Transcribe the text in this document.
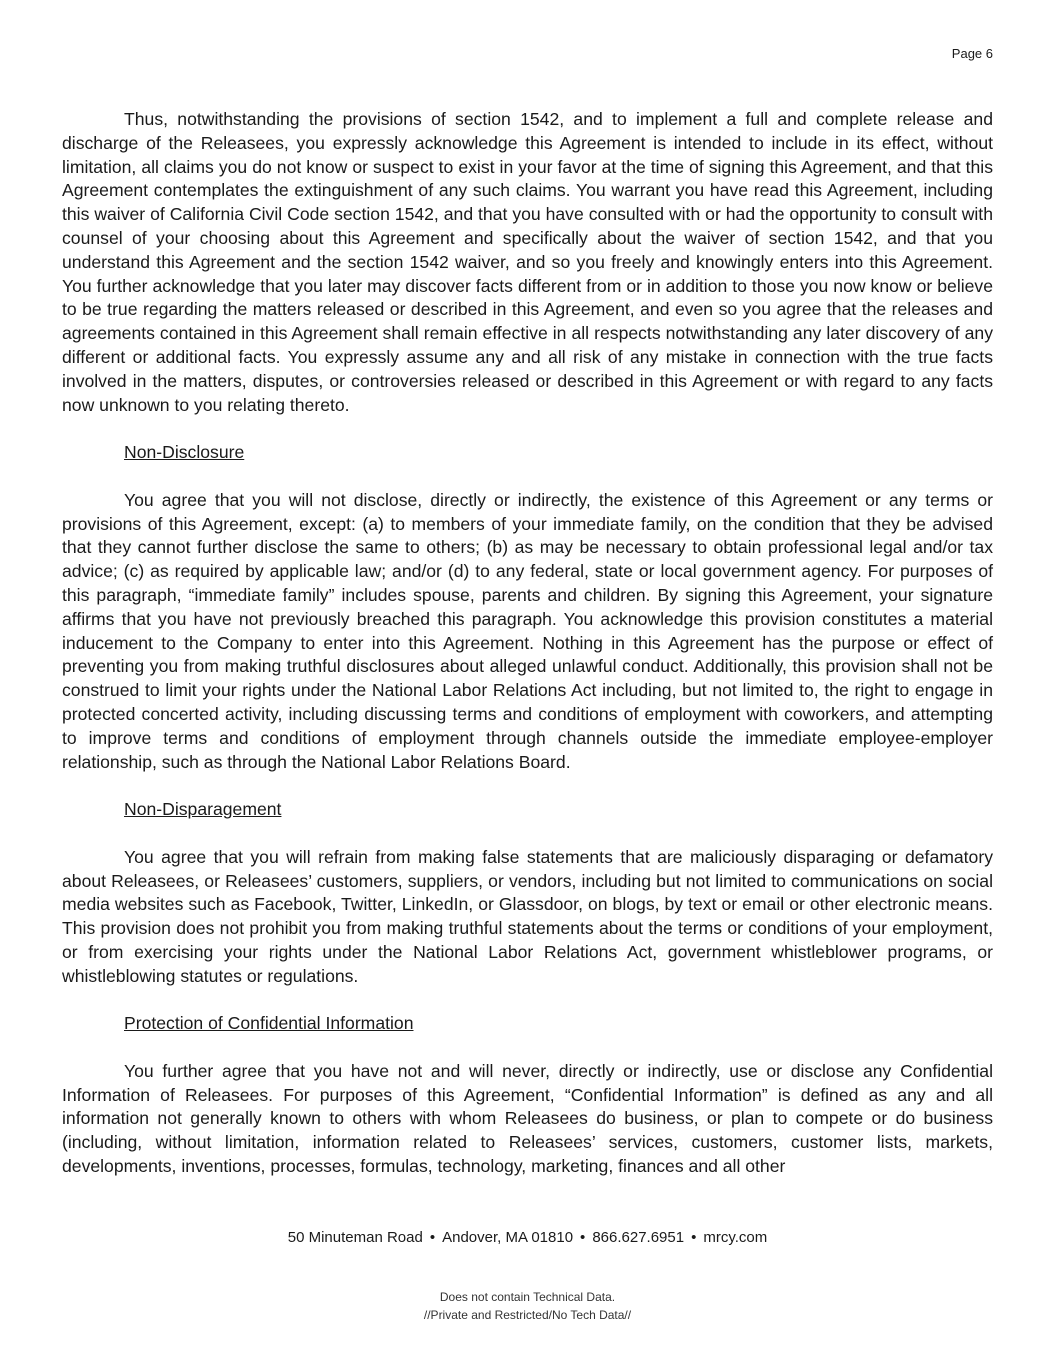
Page 6

Thus, notwithstanding the provisions of section 1542, and to implement a full and complete release and discharge of the Releasees, you expressly acknowledge this Agreement is intended to include in its effect, without limitation, all claims you do not know or suspect to exist in your favor at the time of signing this Agreement, and that this Agreement contemplates the extinguishment of any such claims. You warrant you have read this Agreement, including this waiver of California Civil Code section 1542, and that you have consulted with or had the opportunity to consult with counsel of your choosing about this Agreement and specifically about the waiver of section 1542, and that you understand this Agreement and the section 1542 waiver, and so you freely and knowingly enters into this Agreement. You further acknowledge that you later may discover facts different from or in addition to those you now know or believe to be true regarding the matters released or described in this Agreement, and even so you agree that the releases and agreements contained in this Agreement shall remain effective in all respects notwithstanding any later discovery of any different or additional facts. You expressly assume any and all risk of any mistake in connection with the true facts involved in the matters, disputes, or controversies released or described in this Agreement or with regard to any facts now unknown to you relating thereto.

Non-Disclosure

You agree that you will not disclose, directly or indirectly, the existence of this Agreement or any terms or provisions of this Agreement, except: (a) to members of your immediate family, on the condition that they be advised that they cannot further disclose the same to others; (b) as may be necessary to obtain professional legal and/or tax advice; (c) as required by applicable law; and/or (d) to any federal, state or local government agency. For purposes of this paragraph, “immediate family” includes spouse, parents and children. By signing this Agreement, your signature affirms that you have not previously breached this paragraph. You acknowledge this provision constitutes a material inducement to the Company to enter into this Agreement. Nothing in this Agreement has the purpose or effect of preventing you from making truthful disclosures about alleged unlawful conduct. Additionally, this provision shall not be construed to limit your rights under the National Labor Relations Act including, but not limited to, the right to engage in protected concerted activity, including discussing terms and conditions of employment with coworkers, and attempting to improve terms and conditions of employment through channels outside the immediate employee-employer relationship, such as through the National Labor Relations Board.

Non-Disparagement

You agree that you will refrain from making false statements that are maliciously disparaging or defamatory about Releasees, or Releasees’ customers, suppliers, or vendors, including but not limited to communications on social media websites such as Facebook, Twitter, LinkedIn, or Glassdoor, on blogs, by text or email or other electronic means. This provision does not prohibit you from making truthful statements about the terms or conditions of your employment, or from exercising your rights under the National Labor Relations Act, government whistleblower programs, or whistleblowing statutes or regulations.

Protection of Confidential Information

You further agree that you have not and will never, directly or indirectly, use or disclose any Confidential Information of Releasees. For purposes of this Agreement, “Confidential Information” is defined as any and all information not generally known to others with whom Releasees do business, or plan to compete or do business (including, without limitation, information related to Releasees’ services, customers, customer lists, markets, developments, inventions, processes, formulas, technology, marketing, finances and all other

50 Minuteman Road • Andover, MA 01810 • 866.627.6951 • mrcy.com
Does not contain Technical Data.
//Private and Restricted/No Tech Data//
